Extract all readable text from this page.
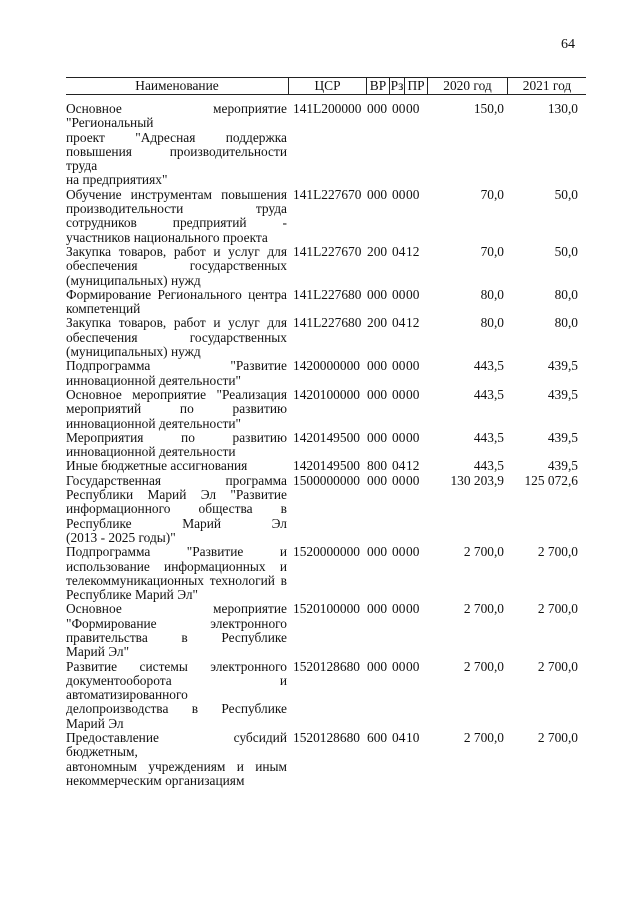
64
Наименование	ЦСР	ВР Рз ПР	2020 год	2021 год
Основное мероприятие "Региональный
проект "Адресная поддержка
повышения производительности труда
на предприятиях"
141L200000 000 00 00	150,0	130,0
Обучение инструментам повышения
производительности труда
сотрудников предприятий -
участников национального проекта
141L227670 000 00 00	70,0	50,0
Закупка товаров, работ и услуг для
обеспечения государственных
(муниципальных) нужд
141L227670 200 04 12	70,0	50,0
Формирование Регионального центра
компетенций
141L227680 000 00 00	80,0	80,0
Закупка товаров, работ и услуг для
обеспечения государственных
(муниципальных) нужд
141L227680 200 04 12	80,0	80,0
Подпрограмма "Развитие
инновационной деятельности"
1420000000 000 00 00	443,5	439,5
Основное мероприятие "Реализация
мероприятий по развитию
инновационной деятельности"
1420100000 000 00 00	443,5	439,5
Мероприятия по развитию
инновационной деятельности
1420149500 000 00 00	443,5	439,5
Иные бюджетные ассигнования	1420149500 800 04 12	443,5	439,5
Государственная программа
Республики Марий Эл "Развитие
информационного общества в
Республике Марий Эл
(2013 - 2025 годы)"
1500000000 000 00 00	130 203,9	125 072,6
Подпрограмма "Развитие и
использование информационных и
телекоммуникационных технологий в
Республике Марий Эл"
1520000000 000 00 00	2 700,0	2 700,0
Основное мероприятие
"Формирование электронного
правительства в Республике
Марий Эл"
1520100000 000 00 00	2 700,0	2 700,0
Развитие системы электронного
документооборота и
автоматизированного
делопроизводства в Республике
Марий Эл
1520128680 000 00 00	2 700,0	2 700,0
Предоставление субсидий бюджетным,
автономным учреждениям и иным
некоммерческим организациям
1520128680 600 04 10	2 700,0	2 700,0
